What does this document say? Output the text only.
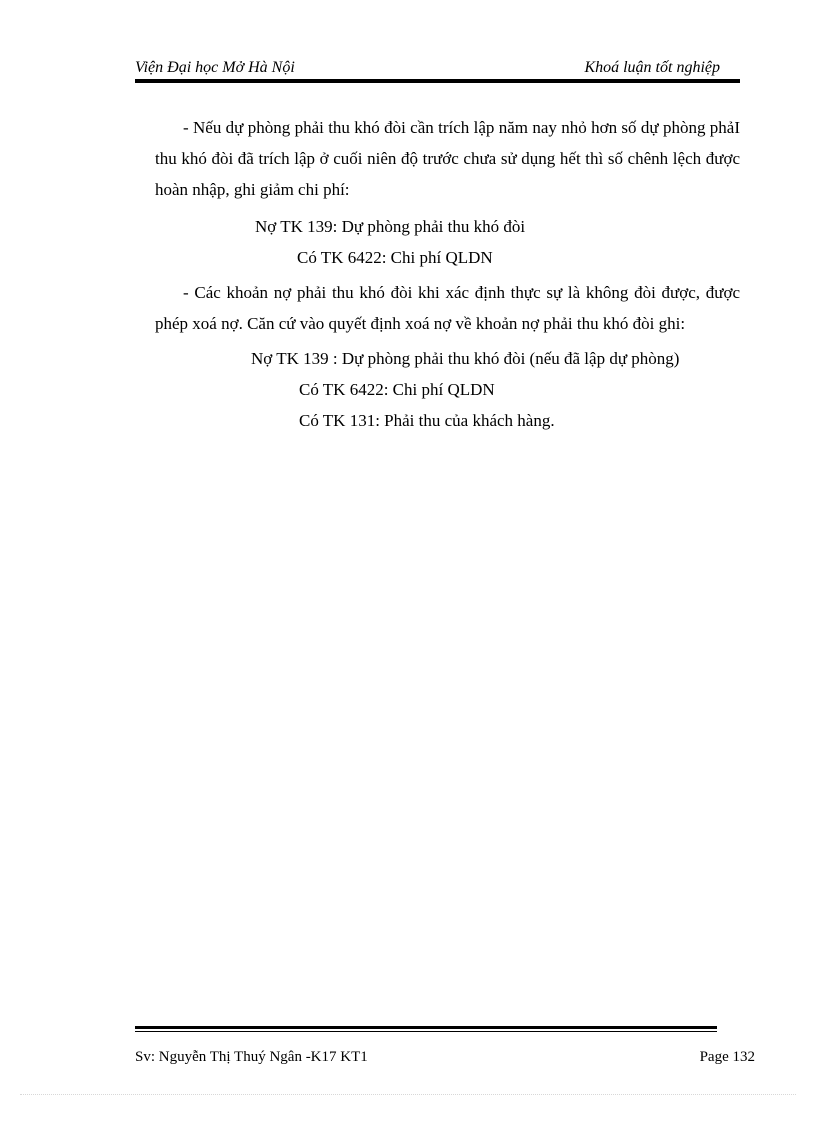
Viện Đại học Mở Hà Nội	Khoá luận tốt nghiệp

- Nếu dự phòng phải thu khó đòi cần trích lập năm nay nhỏ hơn số dự phòng phảI thu khó đòi đã trích lập ở cuối niên độ trước chưa sử dụng hết thì số chênh lệch được hoàn nhập, ghi giảm chi phí:

Nợ TK 139: Dự phòng phải thu khó đòi

Có TK 6422: Chi phí QLDN

- Các khoản nợ phải thu khó đòi khi xác định thực sự là không đòi được, được phép xoá nợ. Căn cứ vào quyết định xoá nợ về khoản nợ phải thu khó đòi ghi:

Nợ TK 139 : Dự phòng phải thu khó đòi (nếu đã lập dự phòng)

Có TK 6422: Chi phí QLDN

Có TK 131: Phải thu của khách hàng.

Sv: Nguyễn Thị Thuý Ngân -K17 KT1	Page 132
